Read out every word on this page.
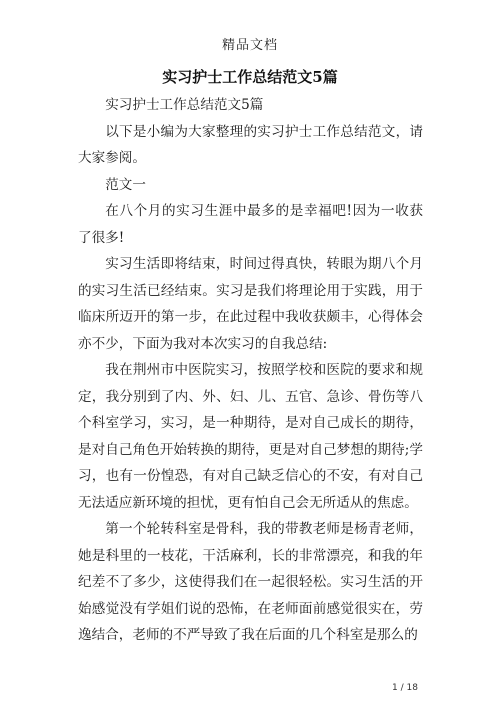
精品文档
实习护士工作总结范文5篇

实习护士工作总结范文5篇

以下是小编为大家整理的实习护士工作总结范文，请大家参阅。

范文一

在八个月的实习生涯中最多的是幸福吧!因为一收获了很多!

实习生活即将结束，时间过得真快，转眼为期八个月的实习生活已经结束。实习是我们将理论用于实践，用于临床所迈开的第一步，在此过程中我收获颇丰，心得体会亦不少，下面为我对本次实习的自我总结:

我在荆州市中医院实习，按照学校和医院的要求和规定，我分别到了内、外、妇、儿、五官、急诊、骨伤等八个科室学习，实习，是一种期待，是对自己成长的期待，是对自己角色开始转换的期待，更是对自己梦想的期待;学习，也有一份惶恐，有对自己缺乏信心的不安，有对自己无法适应新环境的担忧，更有怕自己会无所适从的焦虑。

第一个轮转科室是骨科，我的带教老师是杨青老师，她是科里的一枝花，干活麻利，长的非常漂亮，和我的年纪差不了多少，这使得我们在一起很轻松。实习生活的开始感觉没有学姐们说的恐怖，在老师面前感觉很实在，劳逸结合，老师的不严导致了我在后面的几个科室是那么的

1 / 18
